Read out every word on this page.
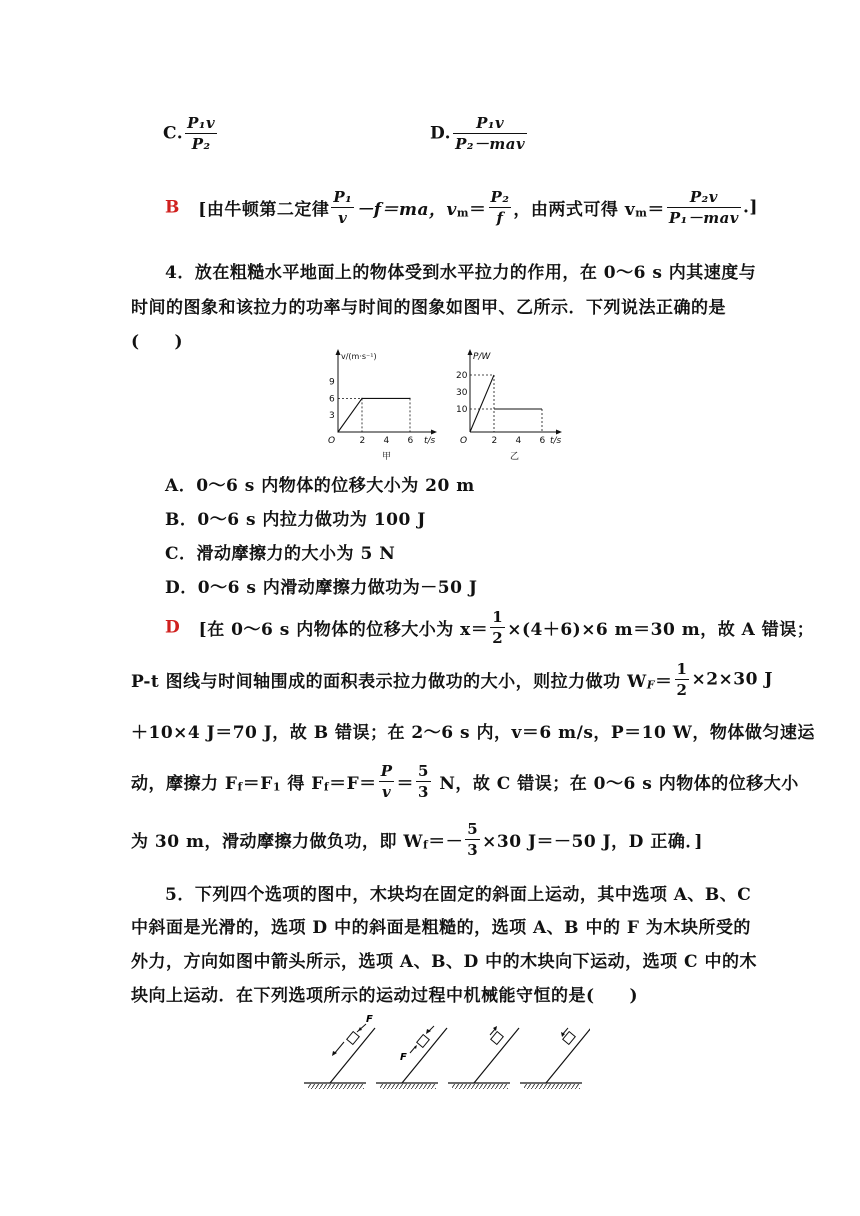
C. $\frac{\text{P₁v}}{\text{P₂}}$	D. $\frac{\text{P₁v}}{\text{P₂－mav}}$
B [由牛顿第二定律 $\frac{\text{P₁}}{v} -f=ma$，$v_m= \frac{\text{P₂}}{f}$ ，由两式可得 $v_m= \frac{\text{P₂v}}{\text{P₁－mav}}$ .]
4．放在粗糙水平地面上的物体受到水平拉力的作用，在 0～6 s 内其速度与
时间的图象和该拉力的功率与时间的图象如图甲、乙所示．下列说法正确的是
(　　)
2 4 6
3
6
9
O	t/s
v/(m·s⁻¹)
甲
2 4 6
10
30
20
O	t/s
P/W
乙
A．0～6 s 内物体的位移大小为 20 m
B．0～6 s 内拉力做功为 100 J
C．滑动摩擦力的大小为 5 N
D．0～6 s 内滑动摩擦力做功为－50 J
D [在 0～6 s 内物体的位移大小为 $x= \frac{1}{2} \times(4+6)\times 6$ m＝30 m，故 A 错误；
P-t 图线与时间轴围成的面积表示拉力做功的大小，则拉力做功 $W_F= \frac{1}{2} \times 2\times 30$ J
＋10×4 J＝70 J，故 B 错误；在 2～6 s 内，v＝6 m/s，P＝10 W，物体做匀速运
动，摩擦力 $F_f=F_1$ 得 $F_f=F= \frac{P}{v} = \frac{5}{3}$ N，故 C 错误；在 0～6 s 内物体的位移大小
为 30 m，滑动摩擦力做负功，即 $W_f=- \frac{5}{3} \times 30$ J＝－50 J，D 正确．]
5．下列四个选项的图中，木块均在固定的斜面上运动，其中选项 A、B、C
中斜面是光滑的，选项 D 中的斜面是粗糙的，选项 A、B 中的 F 为木块所受的
外力，方向如图中箭头所示，选项 A、B、D 中的木块向下运动，选项 C 中的木
块向上运动．在下列选项所示的运动过程中机械能守恒的是(　　)
F
F
